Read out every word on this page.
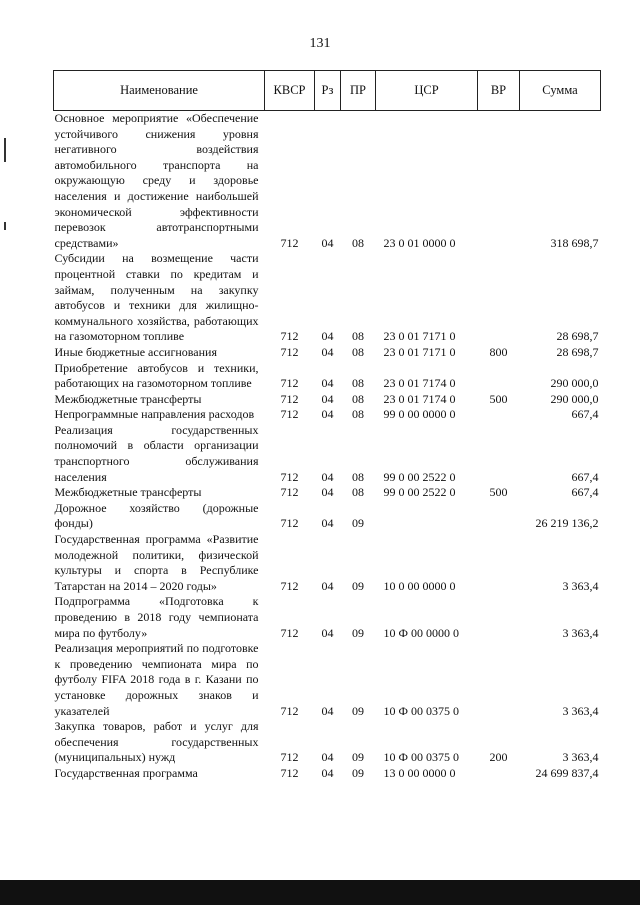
131
Наименование	КВСР	Рз	ПР	ЦСР	ВР	Сумма
Основное мероприятие «Обеспечение устойчивого снижения уровня негативного воздействия автомобильного транспорта на окружающую среду и здоровье населения и достижение наибольшей экономической эффективности перевозок автотранспортными средствами»	712	04	08	23 0 01 0000 0		318 698,7
Субсидии на возмещение части процентной ставки по кредитам и займам, полученным на закупку автобусов и техники для жилищно-коммунального хозяйства, работающих на газомоторном топливе	712	04	08	23 0 01 7171 0		28 698,7
Иные бюджетные ассигнования	712	04	08	23 0 01 7171 0	800	28 698,7
Приобретение автобусов и техники, работающих на газомоторном топливе	712	04	08	23 0 01 7174 0		290 000,0
Межбюджетные трансферты	712	04	08	23 0 01 7174 0	500	290 000,0
Непрограммные направления расходов	712	04	08	99 0 00 0000 0		667,4
Реализация государственных полномочий в области организации транспортного обслуживания населения	712	04	08	99 0 00 2522 0		667,4
Межбюджетные трансферты	712	04	08	99 0 00 2522 0	500	667,4
Дорожное хозяйство (дорожные фонды)	712	04	09			26 219 136,2
Государственная программа «Развитие молодежной политики, физической культуры и спорта в Республике Татарстан на 2014 – 2020 годы»	712	04	09	10 0 00 0000 0		3 363,4
Подпрограмма «Подготовка к проведению в 2018 году чемпионата мира по футболу»	712	04	09	10 Ф 00 0000 0		3 363,4
Реализация мероприятий по подготовке к проведению чемпионата мира по футболу FIFA 2018 года в г. Казани по установке дорожных знаков и указателей	712	04	09	10 Ф 00 0375 0		3 363,4
Закупка товаров, работ и услуг для обеспечения государственных (муниципальных) нужд	712	04	09	10 Ф 00 0375 0	200	3 363,4
Государственная программа	712	04	09	13 0 00 0000 0		24 699 837,4
